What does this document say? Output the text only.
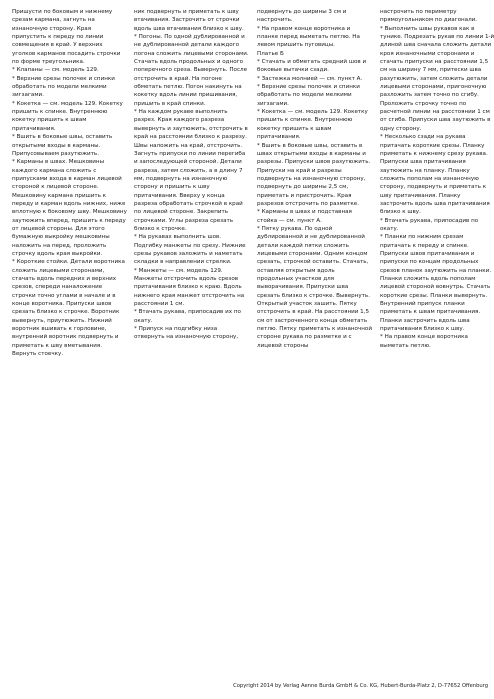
Пришусти по боковым и нижнему срезам кармана, загнуть на изнаночную сторону. Края припустить к переду по линии совмещения в край. У верхних уголков карманов посадить строчки по форме треугольника.

* Клапаны — см. модель 129.

* Верхние срезы полочек и спинки обработать по модели мелкими зигзагами.

* Кокетка — см. модель 129. Кокетку пришить к спинке. Внутреннюю кокетку пришить к швам притачивания.

* Вшить в боковые швы, оставить открытыми входы в карманы. Припусовываем разутюжить.

* Карманы в швах. Мешковины каждого кармана сложить с припусками входа в карман лицевой стороной к лицевой стороне. Мешковину кармана пришить к переду и карман вдоль нижних, ниже вплотную к боковому шву. Мешковину заутюжить вперед, пришить к переду от лицевой стороны. Для этого бумажную выкройку мешковины наложить на перед, проложить строчку вдоль края выкройки.

* Короткие стойки. Детали воротника сложить лицевыми сторонами, стачать вдоль передних и верхних срезов, спереди наналожение строчки точно углами в начале и в конце воротника. Припуски швов срезать близко к строчке. Воротник вывернуть, приутюжить. Нижний воротник вшивать к горловине, внутренний воротник подвернуть и приметать к шву вметывания. Вернуть стоечку.

ник подвернуть и приметать к шву втачивания. Застрочить от строчки вдоль шва втачивания близко к шву.

* Погоны. По одной дублированной и не дублированной детали каждого погона сложить лицевыми сторонами. Стачать вдоль продольных и одного поперечного среза. Вывернуть. После отстрочить в край. На погоне обметать петлю. Погон накинуть на кокетку вдоль линии пришивания, пришить в край спинки.

* На каждом рукаве выполнить разрез. Края каждого разреза вывернуть и заутюжить, отстрочить в край на расстоянии близко к разрезу. Швы наложить на край, отстрочить. Загнуть припуски по линии перегиба и запоследующей стороной. Детали разреза, затем сложить, а в длину 7 мм, подвернуть на изнаночную сторону и пришить к шву притачивания. Вверху у конца разреза обработать строчкой в край по лицевой стороне. Закрепить строчками. Углы разреза срезать близко к строчке.

* На рукавах выполнить шов. Подгибку манжеты по срезу. Нижние срезы рукавов заложить и наметать складки в направлении стрелки.

* Манжеты — см. модель 129. Манжеты отстрочить вдоль срезов притачивания близко к краю. Вдоль нижнего края манжет отстрочить на расстоянии 1 см.

* Втачать рукава, припосадив их по окату.

* Припуск на подгибку низа отвернуть на изнаночную сторону,

подвернуть до ширины 3 см и настрочить.

* На правом конце воротника и планке перед выметать петлю. На левом пришить пуговицы.

Платье Б

* Стачать и обметать средний шов и боковые вытачки сзади.

* Застежка молнией — см. пункт А.

* Верхние срезы полочек и спинки обработать по модели мелкими зигзагами.

* Кокетка — см. модель 129. Кокетку пришить к спинке. Внутреннюю кокетку пришить к швам притачивания.

* Вшить в боковые швы, оставить в швах открытыми входы в карманы и разрезы. Припуски швов разутюжить. Припуски на край и разрезы подвернуть на изнаночную сторону, подвернуть до ширины 2,5 см, приметать и пристрочить. Края разрезов отстрочить по разметке.

* Карманы в швах и подставная стойка — см. пункт А.

* Пятку рукава. По одной дублированной и не дублированной детали каждой пятки сложить лицевыми сторонами. Одним концом срезать, строчкой оставить. Стачать, оставляя открытым вдоль продольных участков для выворачивания. Припуски шва срезать близко к строчке. Вывернуть. Открытый участок зашить. Пятку отстрочить в край. На расстоянии 1,5 см от застроченного конца обметать петлю. Пятку приметать к изнаночной стороне рукава по разметке и с лицевой стороны

настрочить по периметру прямоугольником по диагонали.

* Выполнить швы рукавов как в тунике. Подрезать рукав по линии 1-й длиной шва сначала сложить детали кроя изнаночными сторонами и стачать припуски на расстоянии 1,5 см на ширину 7 мм, притески шва разутюжить, затем сложить детали лицевыми сторонами, пригоночную разложить затем точно по сгибу. Проложить строчку точно по расчетной линии на расстоянии 1 см от сгиба. Припуски шва заутюжить в одну сторону.

* Несколько сзади на рукава притачать короткие срезы. Планку приметать к нижнему срезу рукава. Припуски шва притачивания заутюжить на планку. Планку сложить пополам на изнаночную сторону, подвернуть и приметать к шву притачивания. Планку застрочить вдоль шва притачивания близко к шву.

* Втачать рукава, припосадив по окату.

* Планки по нижним срезам притачать к переду и спинке. Припуски швов притачивания и припуски по концам продольных срезов планок заутюжить на планки. Планки сложить вдоль пополам лицевой стороной вовнутрь. Стачать короткие срезы. Планки вывернуть. Внутренний припуск планки приметать к швам притачивания. Планки застрочить вдоль шва притачивания близко к шву.

* На правом конце воротника выметать петлю.

Copyright 2014 by Verlag Aenne Burda GmbH & Co. KG, Hubert-Burda-Platz 2, D-77652 Offenburg
